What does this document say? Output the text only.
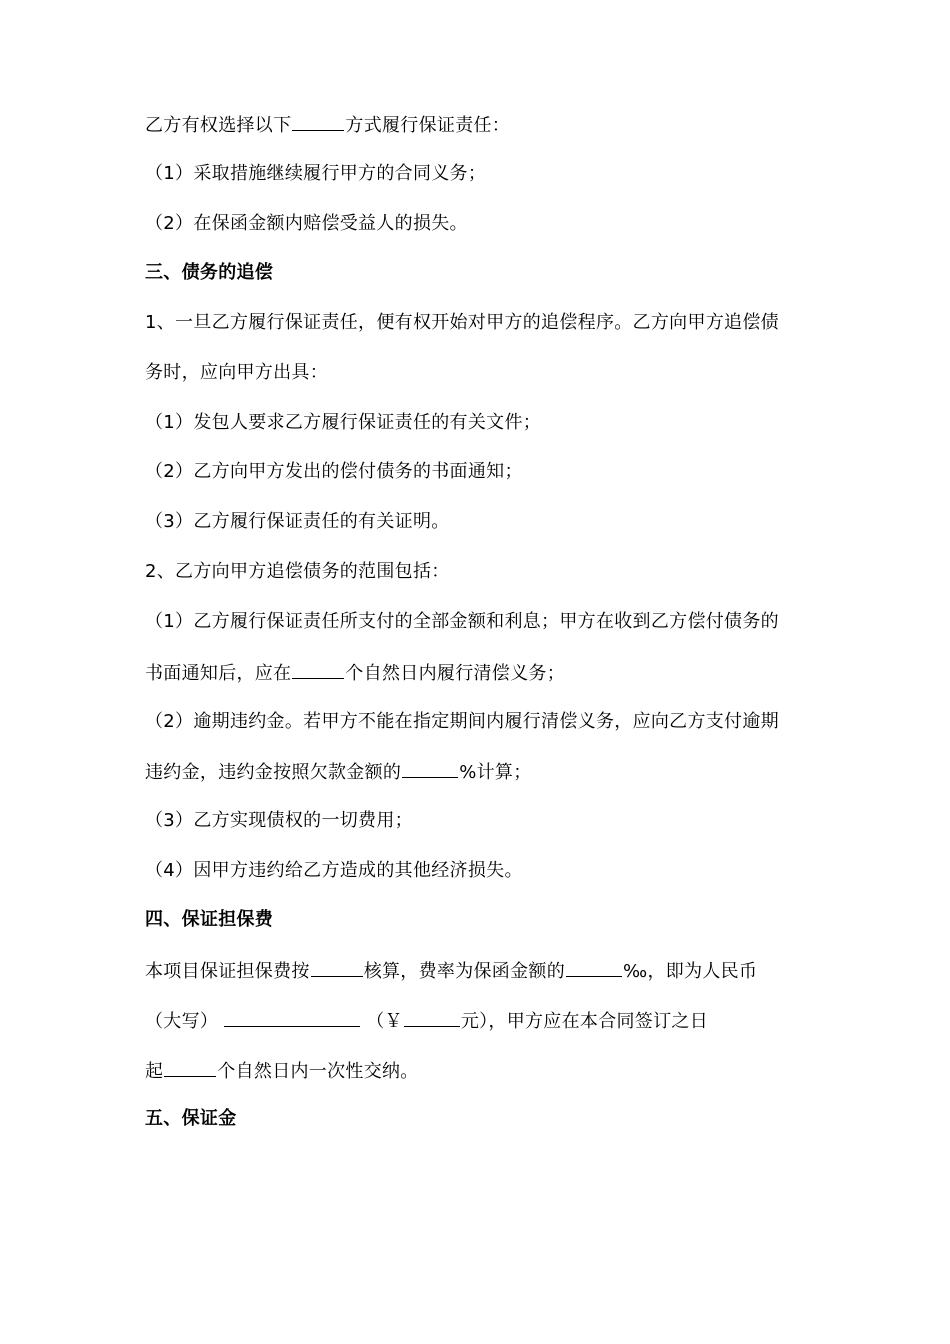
乙方有权选择以下	方式履行保证责任：
（1）采取措施继续履行甲方的合同义务；
（2）在保函金额内赔偿受益人的损失。
三、债务的追偿
1、一旦乙方履行保证责任，便有权开始对甲方的追偿程序。乙方向甲方追偿债
务时，应向甲方出具：
（1）发包人要求乙方履行保证责任的有关文件；
（2）乙方向甲方发出的偿付债务的书面通知；
（3）乙方履行保证责任的有关证明。
2、乙方向甲方追偿债务的范围包括：
（1）乙方履行保证责任所支付的全部金额和利息；甲方在收到乙方偿付债务的
书面通知后，应在	个自然日内履行清偿义务；
（2）逾期违约金。若甲方不能在指定期间内履行清偿义务，应向乙方支付逾期
违约金，违约金按照欠款金额的	%计算；
（3）乙方实现债权的一切费用；
（4）因甲方违约给乙方造成的其他经济损失。
四、保证担保费
本项目保证担保费按	核算，费率为保函金额的	‰，即为人民币
（大写）	（￥	元），甲方应在本合同签订之日
起	个自然日内一次性交纳。
五、保证金
